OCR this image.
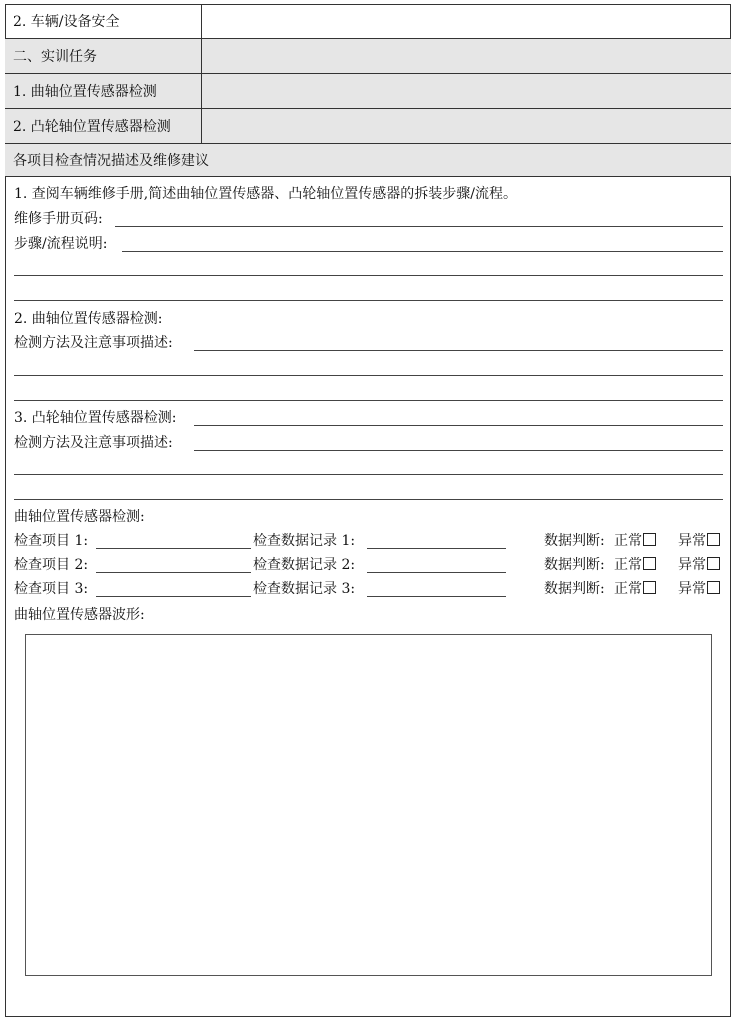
2. 车辆/设备安全
二、实训任务
1. 曲轴位置传感器检测
2. 凸轮轴位置传感器检测
各项目检查情况描述及维修建议
1. 查阅车辆维修手册,简述曲轴位置传感器、凸轮轴位置传感器的拆装步骤/流程。
维修手册页码:
步骤/流程说明:
2. 曲轴位置传感器检测:
检测方法及注意事项描述:
3. 凸轮轴位置传感器检测:
检测方法及注意事项描述:
曲轴位置传感器检测:
检查项目 1:	检查数据记录 1:	数据判断: 正常	异常
检查项目 2:	检查数据记录 2:	数据判断: 正常	异常
检查项目 3:	检查数据记录 3:	数据判断: 正常	异常
曲轴位置传感器波形:
